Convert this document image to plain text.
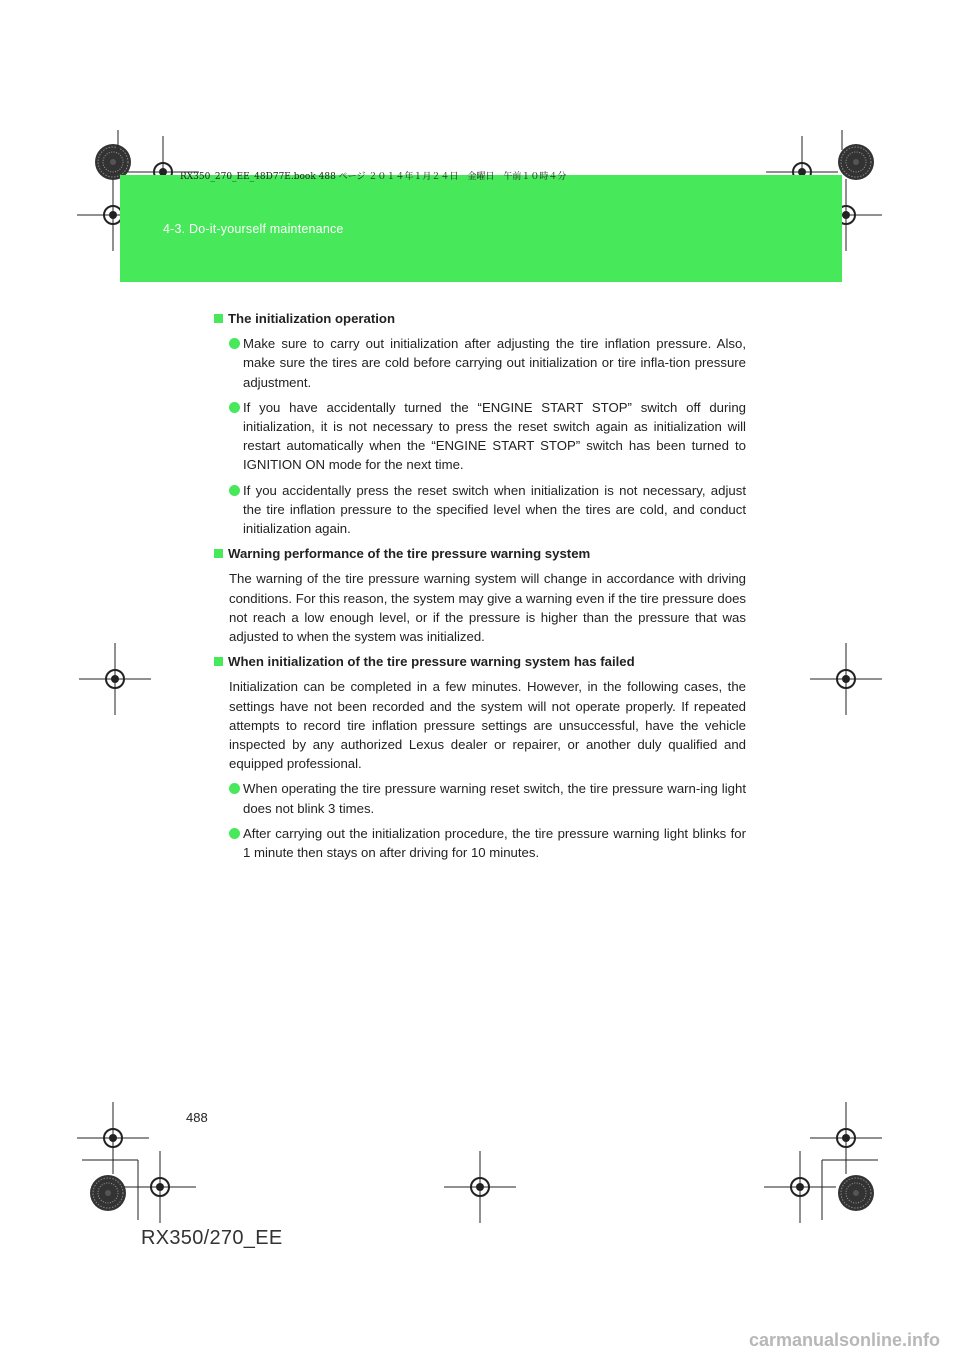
4-3. Do-it-yourself maintenance
RX350_270_EE_48D77E.book 488 ページ ２０１４年１月２４日　金曜日　午前１０時４分
The initialization operation
Make sure to carry out initialization after adjusting the tire inflation pressure. Also, make sure the tires are cold before carrying out initialization or tire infla-tion pressure adjustment.
If you have accidentally turned the “ENGINE START STOP” switch off during initialization, it is not necessary to press the reset switch again as initialization will restart automatically when the “ENGINE START STOP” switch has been turned to IGNITION ON mode for the next time.
If you accidentally press the reset switch when initialization is not necessary, adjust the tire inflation pressure to the specified level when the tires are cold, and conduct initialization again.
Warning performance of the tire pressure warning system
The warning of the tire pressure warning system will change in accordance with driving conditions. For this reason, the system may give a warning even if the tire pressure does not reach a low enough level, or if the pressure is higher than the pressure that was adjusted to when the system was initialized.
When initialization of the tire pressure warning system has failed
Initialization can be completed in a few minutes. However, in the following cases, the settings have not been recorded and the system will not operate properly. If repeated attempts to record tire inflation pressure settings are unsuccessful, have the vehicle inspected by any authorized Lexus dealer or repairer, or another duly qualified and equipped professional.
When operating the tire pressure warning reset switch, the tire pressure warn-ing light does not blink 3 times.
After carrying out the initialization procedure, the tire pressure warning light blinks for 1 minute then stays on after driving for 10 minutes.
488
RX350/270_EE
carmanualsonline.info
